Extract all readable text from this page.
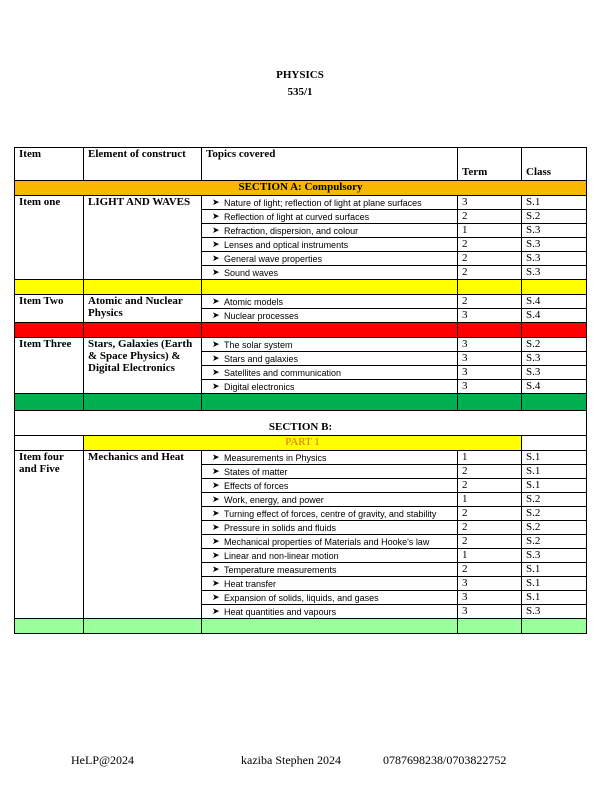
PHYSICS
535/1
Item	Element of construct	Topics covered	Term	Class
SECTION A: Compulsory				
Item one	LIGHT AND WAVES	➤ Nature of light; reflection of light at plane surfaces	3	S.1

		➤ Reflection of light at curved surfaces	2	S.2

		➤ Refraction, dispersion, and colour	1	S.3

		➤ Lenses and optical instruments	2	S.3

		➤ General wave properties	2	S.3

		➤ Sound waves	2	S.3

Item Two	Atomic and Nuclear Physics	➤ Atomic models	2	S.4

		➤ Nuclear processes	3	S.4

Item Three	Stars, Galaxies (Earth & Space Physics) & Digital Electronics	➤ The solar system	3	S.2

		➤ Stars and galaxies	3	S.3

		➤ Satellites and communication	3	S.3

		➤ Digital electronics	3	S.4

SECTION B:				
	PART 1			
Item four and Five	Mechanics and Heat	➤ Measurements in Physics	1	S.1

		➤ States of matter	2	S.1

		➤ Effects of forces	2	S.1

		➤ Work, energy, and power	1	S.2

		➤ Turning effect of forces, centre of gravity, and stability	2	S.2

		➤ Pressure in solids and fluids	2	S.2

		➤ Mechanical properties of Materials and Hooke's law	2	S.2

		➤ Linear and non-linear motion	1	S.3

		➤ Temperature measurements	2	S.1

		➤ Heat transfer	3	S.1

		➤ Expansion of solids, liquids, and gases	3	S.1

		➤ Heat quantities and vapours	3	S.3

HeLP@2024	kaziba Stephen 2024	0787698238/0703822752
